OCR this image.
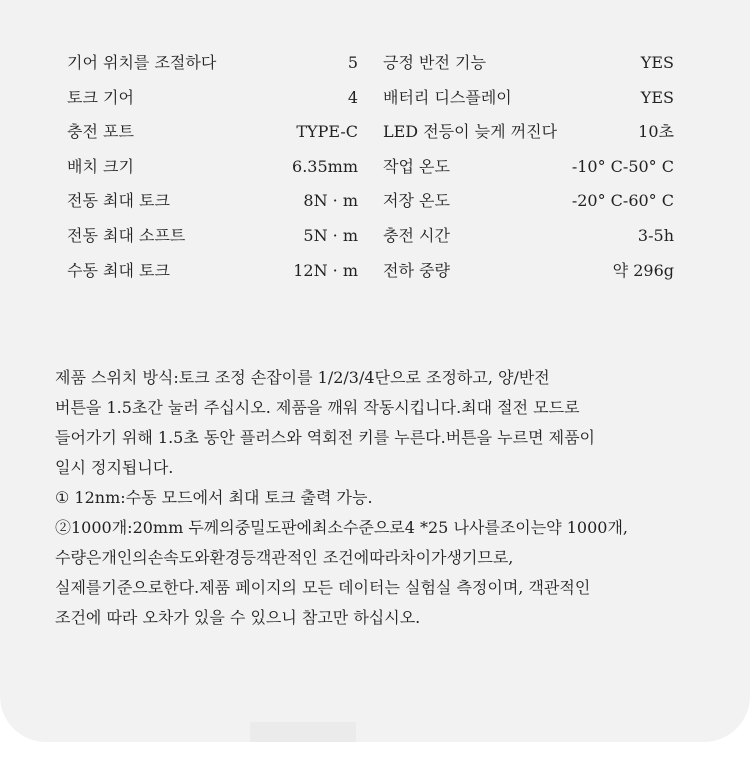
기어 위치를 조절하다	5 긍정 반전 기능	YES
토크 기어	4 배터리 디스플레이	YES
충전 포트	TYPE-C LED 전등이 늦게 꺼진다	10초
배치 크기	6.35mm 작업 온도	-10° C-50° C
전동 최대 토크	8N · m 저장 온도	-20° C-60° C
전동 최대 소프트	5N · m 충전 시간	3-5h
수동 최대 토크	12N · m 전하 중량	약 296g
제품 스위치 방식:토크 조정 손잡이를 1/2/3/4단으로 조정하고, 양/반전
버튼을 1.5초간 눌러 주십시오. 제품을 깨워 작동시킵니다.최대 절전 모드로
들어가기 위해 1.5초 동안 플러스와 역회전 키를 누른다.버튼을 누르면 제품이
일시 정지됩니다.
① 12nm:수동 모드에서 최대 토크 출력 가능.
②1000개:20mm 두께의중밀도판에최소수준으로4 *25 나사를조이는약 1000개,
수량은개인의손속도와환경등객관적인 조건에따라차이가생기므로,
실제를기준으로한다.제품 페이지의 모든 데이터는 실험실 측정이며, 객관적인
조건에 따라 오차가 있을 수 있으니 참고만 하십시오.
